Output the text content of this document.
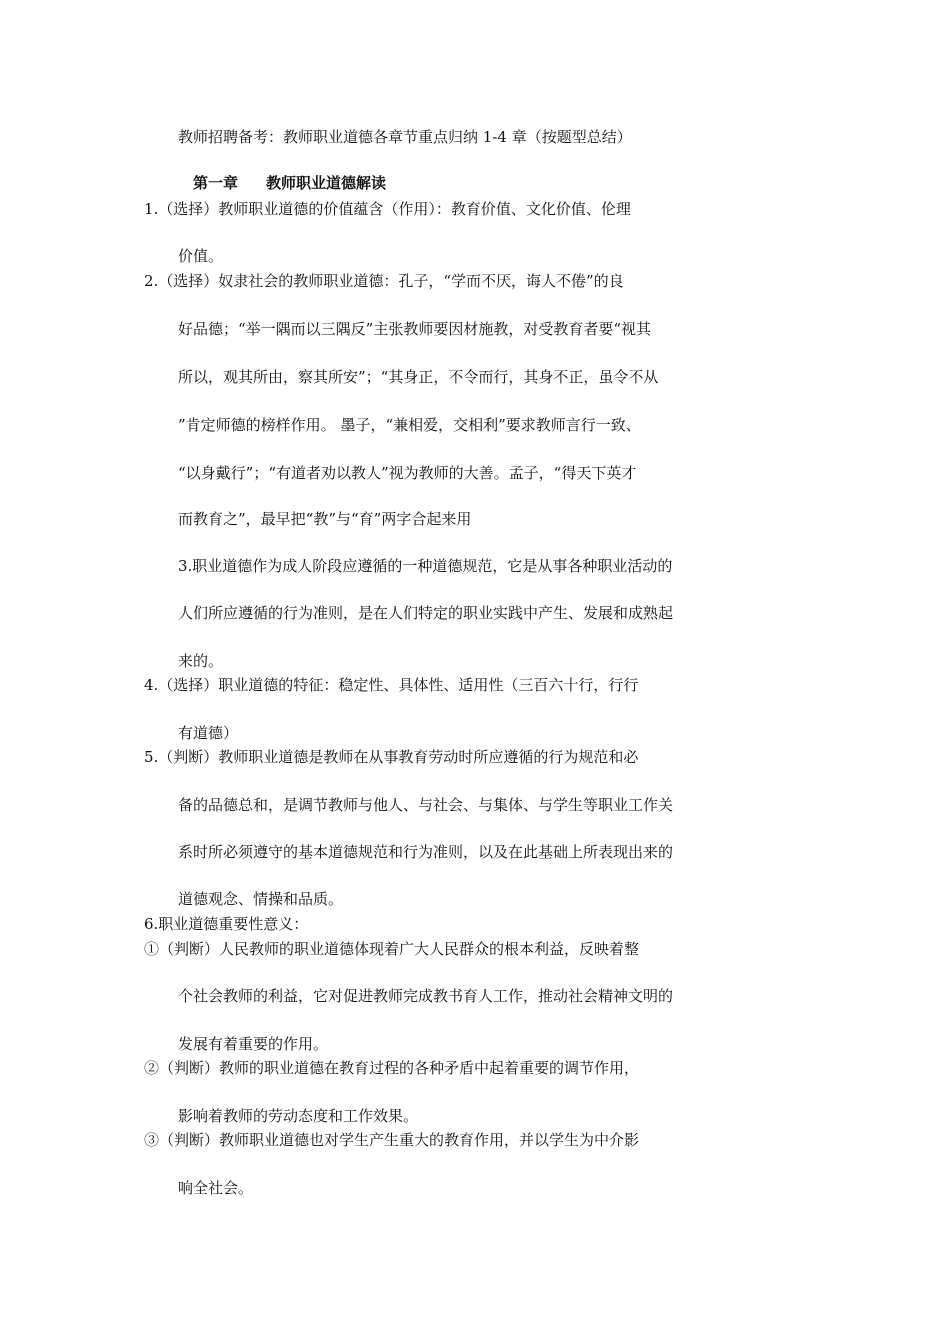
教师招聘备考：教师职业道德各章节重点归纳 1-4 章（按题型总结）
第一章 教师职业道德解读
1.（选择）教师职业道德的价值蕴含（作用）：教育价值、文化价值、伦理
价值。
2.（选择）奴隶社会的教师职业道德：孔子，“学而不厌，诲人不倦”的良
好品德；“举一隅而以三隅反”主张教师要因材施教，对受教育者要“视其
所以，观其所由，察其所安”；“其身正，不令而行，其身不正，虽令不从
”肯定师德的榜样作用。 墨子，“兼相爱，交相利”要求教师言行一致、
“以身戴行”；“有道者劝以教人”视为教师的大善。孟子，“得天下英才
而教育之”，最早把“教”与“育”两字合起来用
3.职业道德作为成人阶段应遵循的一种道德规范，它是从事各种职业活动的
人们所应遵循的行为准则，是在人们特定的职业实践中产生、发展和成熟起
来的。
4.（选择）职业道德的特征：稳定性、具体性、适用性（三百六十行，行行
有道德）
5.（判断）教师职业道德是教师在从事教育劳动时所应遵循的行为规范和必
备的品德总和，是调节教师与他人、与社会、与集体、与学生等职业工作关
系时所必须遵守的基本道德规范和行为准则，以及在此基础上所表现出来的
道德观念、情操和品质。
6.职业道德重要性意义：
①（判断）人民教师的职业道德体现着广大人民群众的根本利益，反映着整
个社会教师的利益，它对促进教师完成教书育人工作，推动社会精神文明的
发展有着重要的作用。
②（判断）教师的职业道德在教育过程的各种矛盾中起着重要的调节作用，
影响着教师的劳动态度和工作效果。
③（判断）教师职业道德也对学生产生重大的教育作用，并以学生为中介影
响全社会。
